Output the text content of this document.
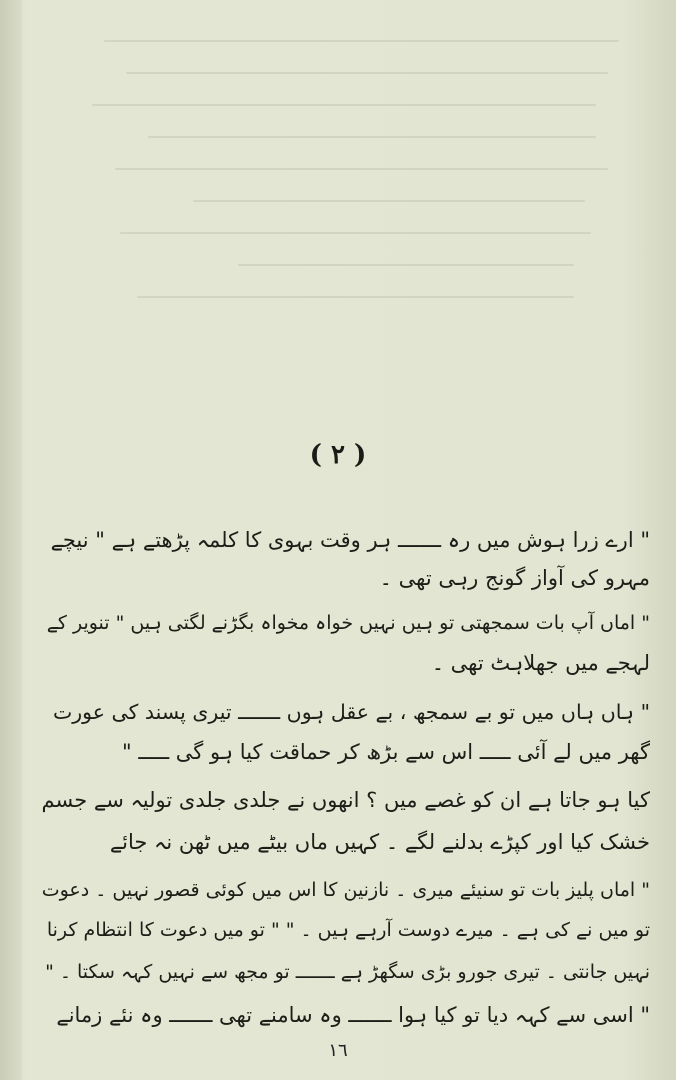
( ۲ )
" ارے زرا ہوش میں رہ ـــــــ ہر وقت بہوی کا کلمہ پڑھتے ہے " نیچے
مہرو کی آواز گونج رہی تھی ۔
" اماں آپ بات سمجھتی تو ہیں نہیں خواہ مخواہ بگڑنے لگتی ہیں " تنویر کے
لہجے میں جھلاہٹ تھی ۔
" ہاں ہاں میں تو بے سمجھ ، بے عقل ہوں ـــــــ تیری پسند کی عورت
گھر میں لے آئی ـــــ اس سے بڑھ کر حماقت کیا ہو گی ـــــ "
کیا ہو جاتا ہے ان کو غصے میں ؟ انھوں نے جلدی جلدی تولیہ سے جسم
خشک کیا اور کپڑے بدلنے لگے ۔ کہیں ماں بیٹے میں ٹھن نہ جائے
" اماں پلیز بات تو سنیئے میری ۔ نازنین کا اس میں کوئی قصور نہیں ۔ دعوت
تو میں نے کی ہے ۔ میرے دوست آرہے ہیں ۔ " " تو میں دعوت کا انتظام کرنا
نہیں جانتی ۔ تیری جورو بڑی سگھڑ ہے ـــــــ تو مجھ سے نہیں کہہ سکتا ۔ "
" اسی سے کہہ دیا تو کیا ہوا ـــــــ وہ سامنے تھی ـــــــ وہ نئے زمانے
۱٦
